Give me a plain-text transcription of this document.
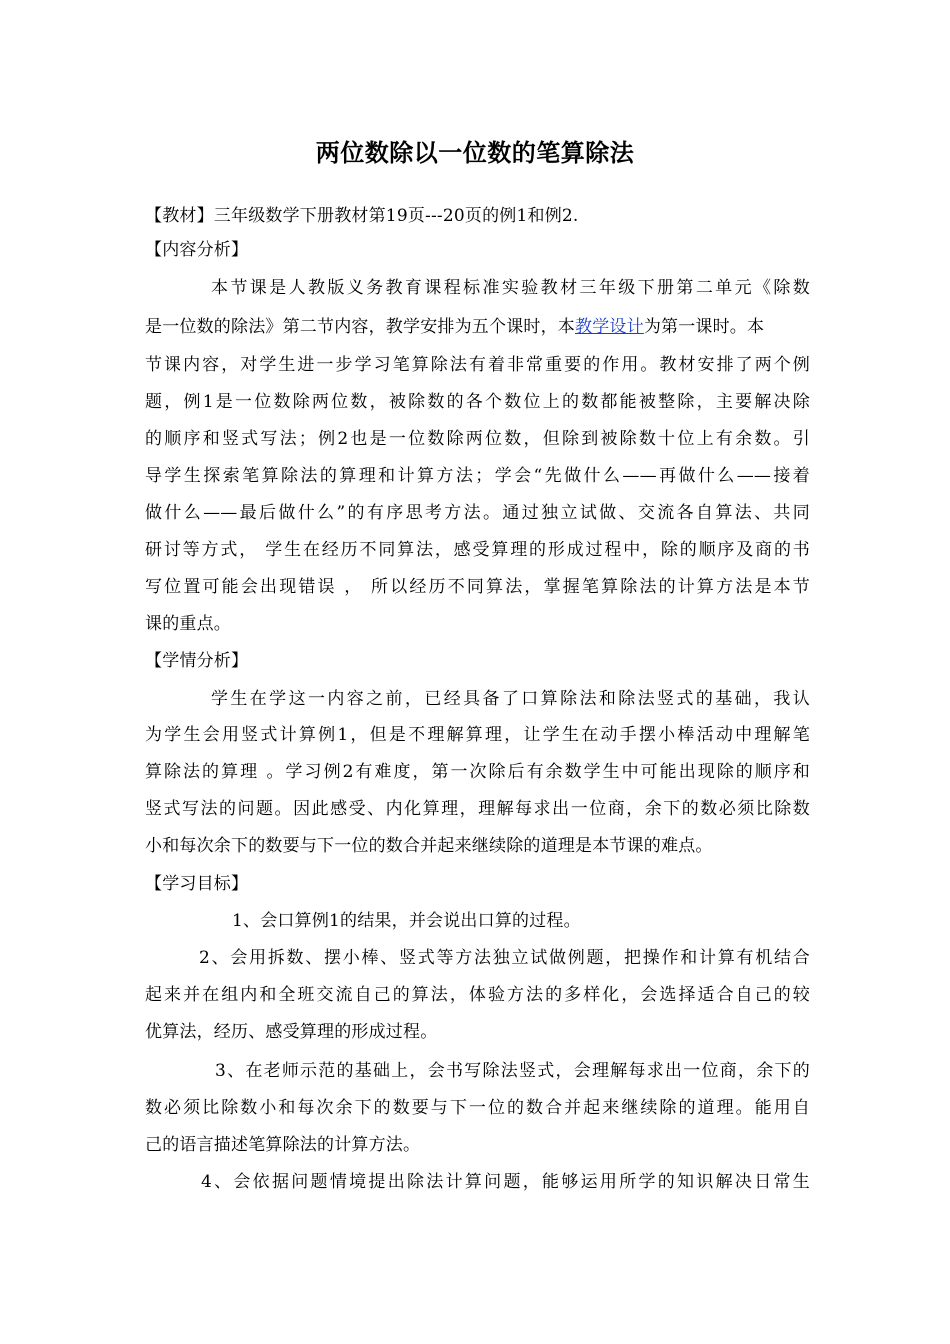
两位数除以一位数的笔算除法
【教材】三年级数学下册教材第19页---20页的例1和例2.
【内容分析】
本节课是人教版义务教育课程标准实验教材三年级下册第二单元《除数
是一位数的除法》第二节内容，教学安排为五个课时，本教学设计为第一课时。本
节课内容，对学生进一步学习笔算除法有着非常重要的作用。教材安排了两个例
题，例1是一位数除两位数，被除数的各个数位上的数都能被整除，主要解决除
的顺序和竖式写法；例2也是一位数除两位数，但除到被除数十位上有余数。引
导学生探索笔算除法的算理和计算方法；学会“先做什么——再做什么——接着
做什么——最后做什么”的有序思考方法。通过独立试做、交流各自算法、共同
研讨等方式， 学生在经历不同算法，感受算理的形成过程中，除的顺序及商的书
写位置可能会出现错误 ， 所以经历不同算法，掌握笔算除法的计算方法是本节
课的重点。
【学情分析】
学生在学这一内容之前，已经具备了口算除法和除法竖式的基础，我认
为学生会用竖式计算例1，但是不理解算理，让学生在动手摆小棒活动中理解笔
算除法的算理 。学习例2有难度，第一次除后有余数学生中可能出现除的顺序和
竖式写法的问题。因此感受、内化算理，理解每求出一位商，余下的数必须比除数
小和每次余下的数要与下一位的数合并起来继续除的道理是本节课的难点。
【学习目标】
1、会口算例1的结果，并会说出口算的过程。
2、会用拆数、摆小棒、竖式等方法独立试做例题，把操作和计算有机结合
起来并在组内和全班交流自己的算法，体验方法的多样化，会选择适合自己的较
优算法，经历、感受算理的形成过程。
3、在老师示范的基础上，会书写除法竖式，会理解每求出一位商，余下的
数必须比除数小和每次余下的数要与下一位的数合并起来继续除的道理。能用自
己的语言描述笔算除法的计算方法。
4、会依据问题情境提出除法计算问题，能够运用所学的知识解决日常生
